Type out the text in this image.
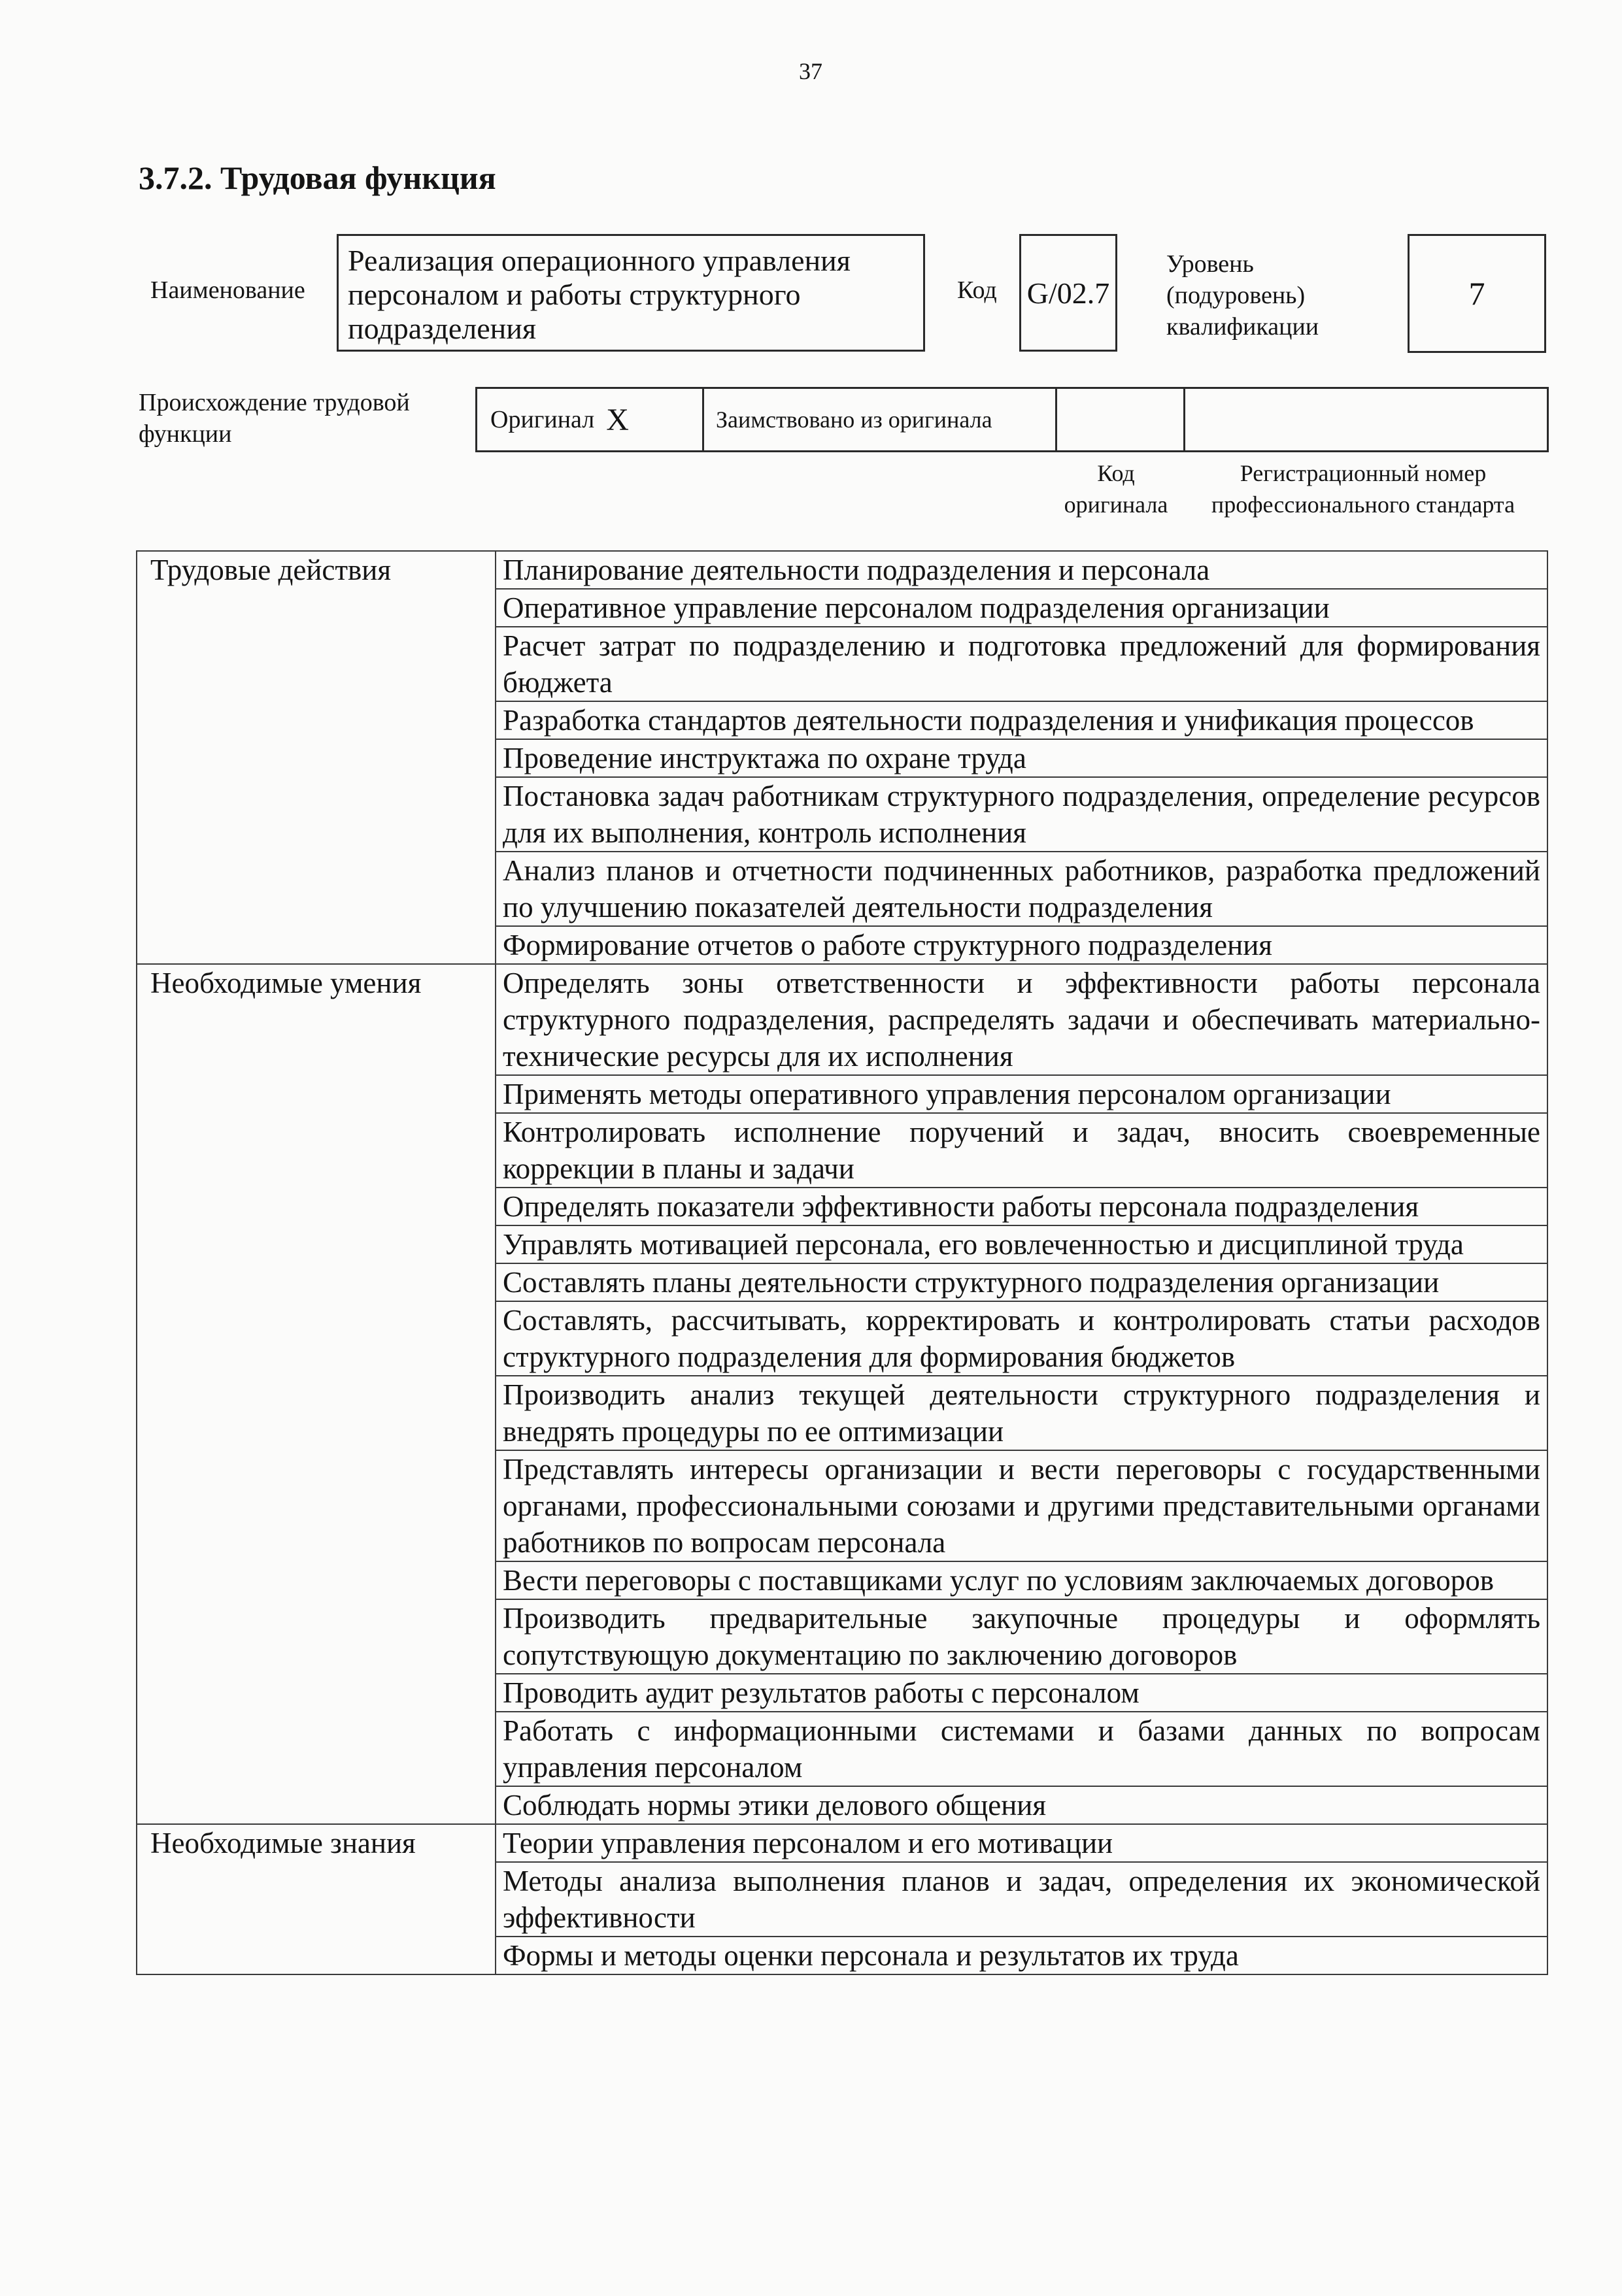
37
3.7.2. Трудовая функция
Наименование
Реализация операционного управления персоналом и работы структурного подразделения
Код G/02.7
Уровень
(подуровень)
квалификации
7
Происхождение трудовой
функции
Оригинал X	Заимствовано из оригинала
Код
оригинала
Регистрационный номер
профессионального стандарта
Трудовые действия	Планирование деятельности подразделения и персонала
	Оперативное управление персоналом подразделения организации
	Расчет затрат по подразделению и подготовка предложений для формирования бюджета
	Разработка стандартов деятельности подразделения и унификация процессов
	Проведение инструктажа по охране труда
	Постановка задач работникам структурного подразделения, определение ресурсов для их выполнения, контроль исполнения
	Анализ планов и отчетности подчиненных работников, разработка предложений по улучшению показателей деятельности подразделения
	Формирование отчетов о работе структурного подразделения
Необходимые умения	Определять зоны ответственности и эффективности работы персонала структурного подразделения, распределять задачи и обеспечивать материально-технические ресурсы для их исполнения
	Применять методы оперативного управления персоналом организации
	Контролировать исполнение поручений и задач, вносить своевременные коррекции в планы и задачи
	Определять показатели эффективности работы персонала подразделения
	Управлять мотивацией персонала, его вовлеченностью и дисциплиной труда
	Составлять планы деятельности структурного подразделения организации
	Составлять, рассчитывать, корректировать и контролировать статьи расходов структурного подразделения для формирования бюджетов
	Производить анализ текущей деятельности структурного подразделения и внедрять процедуры по ее оптимизации
	Представлять интересы организации и вести переговоры с государственными органами, профессиональными союзами и другими представительными органами работников по вопросам персонала
	Вести переговоры с поставщиками услуг по условиям заключаемых договоров
	Производить предварительные закупочные процедуры и оформлять сопутствующую документацию по заключению договоров
	Проводить аудит результатов работы с персоналом
	Работать с информационными системами и базами данных по вопросам управления персоналом
	Соблюдать нормы этики делового общения
Необходимые знания	Теории управления персоналом и его мотивации
	Методы анализа выполнения планов и задач, определения их экономической эффективности
	Формы и методы оценки персонала и результатов их труда
